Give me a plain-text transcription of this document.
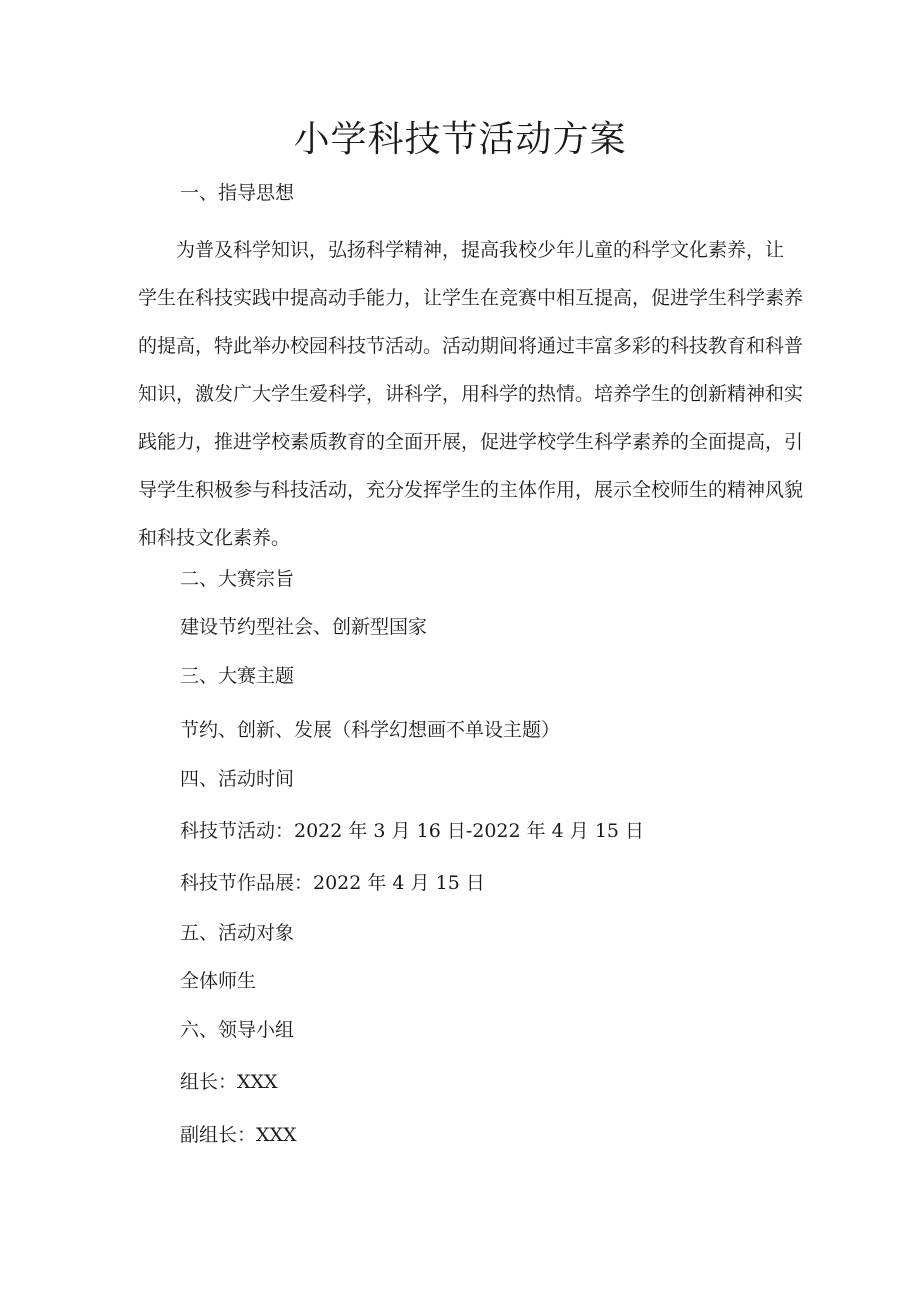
小学科技节活动方案
一、指导思想
为普及科学知识，弘扬科学精神，提高我校少年儿童的科学文化素养，让
学生在科技实践中提高动手能力，让学生在竞赛中相互提高，促进学生科学素养
的提高，特此举办校园科技节活动。活动期间将通过丰富多彩的科技教育和科普
知识，激发广大学生爱科学，讲科学，用科学的热情。培养学生的创新精神和实
践能力，推进学校素质教育的全面开展，促进学校学生科学素养的全面提高，引
导学生积极参与科技活动，充分发挥学生的主体作用，展示全校师生的精神风貌
和科技文化素养。
二、大赛宗旨
建设节约型社会、创新型国家
三、大赛主题
节约、创新、发展（科学幻想画不单设主题）
四、活动时间
科技节活动：2022 年 3 月 16 日-2022 年 4 月 15 日
科技节作品展：2022 年 4 月 15 日
五、活动对象
全体师生
六、领导小组
组长：XXX
副组长：XXX
